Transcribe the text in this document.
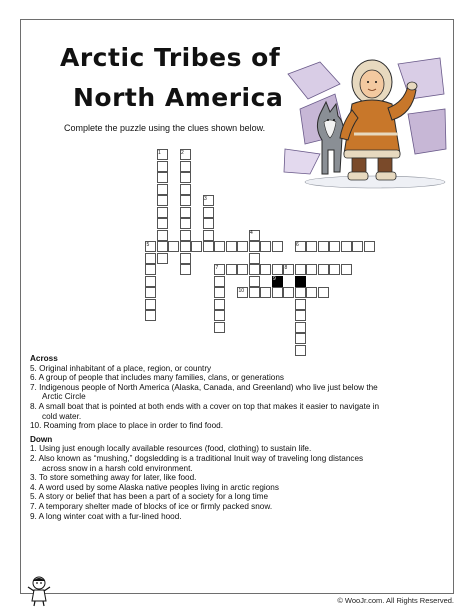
Arctic Tribes of
North America
Complete the puzzle using the clues shown below.
1	2
3
4
5	6
7	8
9
10
Across
5. Original inhabitant of a place, region, or country
6. A group of people that includes many families, clans, or generations
7. Indigenous people of North America (Alaska, Canada, and Greenland) who live just below the
Arctic Circle
8. A small boat that is pointed at both ends with a cover on top that makes it easier to navigate in
cold water.
10. Roaming from place to place in order to find food.
Down
1. Using just enough locally available resources (food, clothing) to sustain life.
2. Also known as “mushing,” dogsledding is a traditional Inuit way of traveling long distances
across snow in a harsh cold environment.
3. To store something away for later, like food.
4. A word used by some Alaska native peoples living in arctic regions
5. A story or belief that has been a part of a society for a long time
7. A temporary shelter made of blocks of ice or firmly packed snow.
9. A long winter coat with a fur-lined hood.
© WooJr.com. All Rights Reserved.
